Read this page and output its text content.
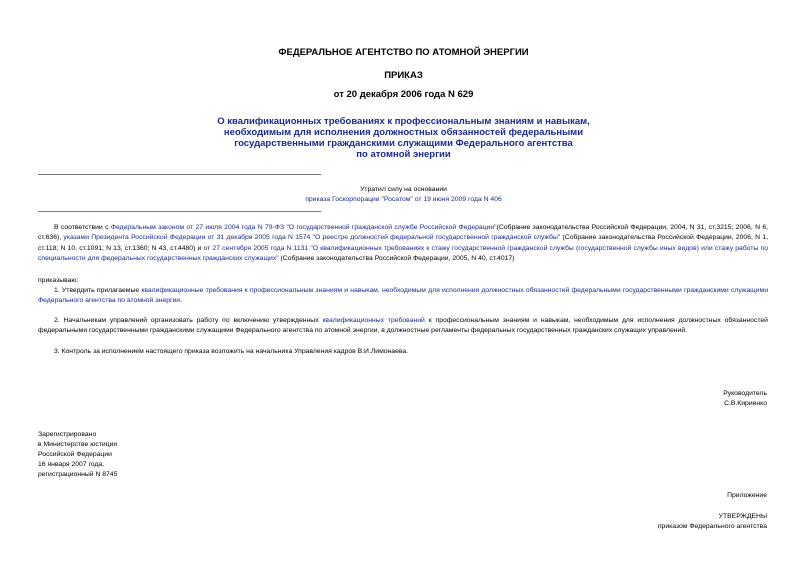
ФЕДЕРАЛЬНОЕ АГЕНТСТВО ПО АТОМНОЙ ЭНЕРГИИ
ПРИКАЗ
от 20 декабря 2006 года N 629
О квалификационных требованиях к профессиональным знаниям и навыкам,
необходимым для исполнения должностных обязанностей федеральными
государственными гражданскими служащими Федерального агентства
по атомной энергии
Утратил силу на основании
приказа Госкорпорации "Росатом" от 19 июня 2009 года N 406
В соответствии с Федеральным законом от 27 июля 2004 года N 79-ФЗ "О государственной гражданской службе Российской Федерации"(Собрание законодательства Российской Федерации, 2004, N 31, ст.3215; 2006, N 6, ст.636), указами Президента Российской Федерации от 31 декабря 2005 года N 1574 "О реестре должностей федеральной государственной гражданской службы" (Собрание законодательства Российской Федерации, 2006, N 1, ст.118; N 10, ст.1091; N 13, ст.1360; N 43, ст.4480) и от 27 сентября 2005 года N 1131 "О квалификационных требованиях к стажу государственной гражданской службы (государственной службы иных видов) или стажу работы по специальности для федеральных государственных гражданских служащих" (Собрание законодательства Российской Федерации, 2005, N 40, ст.4017)
приказываю:
1. Утвердить прилагаемые квалификационные требования к профессиональным знаниям и навыкам, необходимым для исполнения должностных обязанностей федеральными государственными гражданскими служащими Федерального агентства по атомной энергии.
2. Начальникам управлений организовать работу по включению утвержденных квалификационных требований к профессиональным знаниям и навыкам, необходимым для исполнения должностных обязанностей федеральными государственными гражданскими служащими Федерального агентства по атомной энергии, в должностные регламенты федеральных государственных гражданских служащих управлений.
3. Контроль за исполнением настоящего приказа возложить на начальника Управления кадров В.И.Лимонаева.
Руководитель
С.В.Кириенко
Зарегистрировано
в Министерстве юстиции
Российской Федерации
16 января 2007 года,
регистрационный N 8745
Приложение
УТВЕРЖДЕНЫ
приказом Федерального агентства
